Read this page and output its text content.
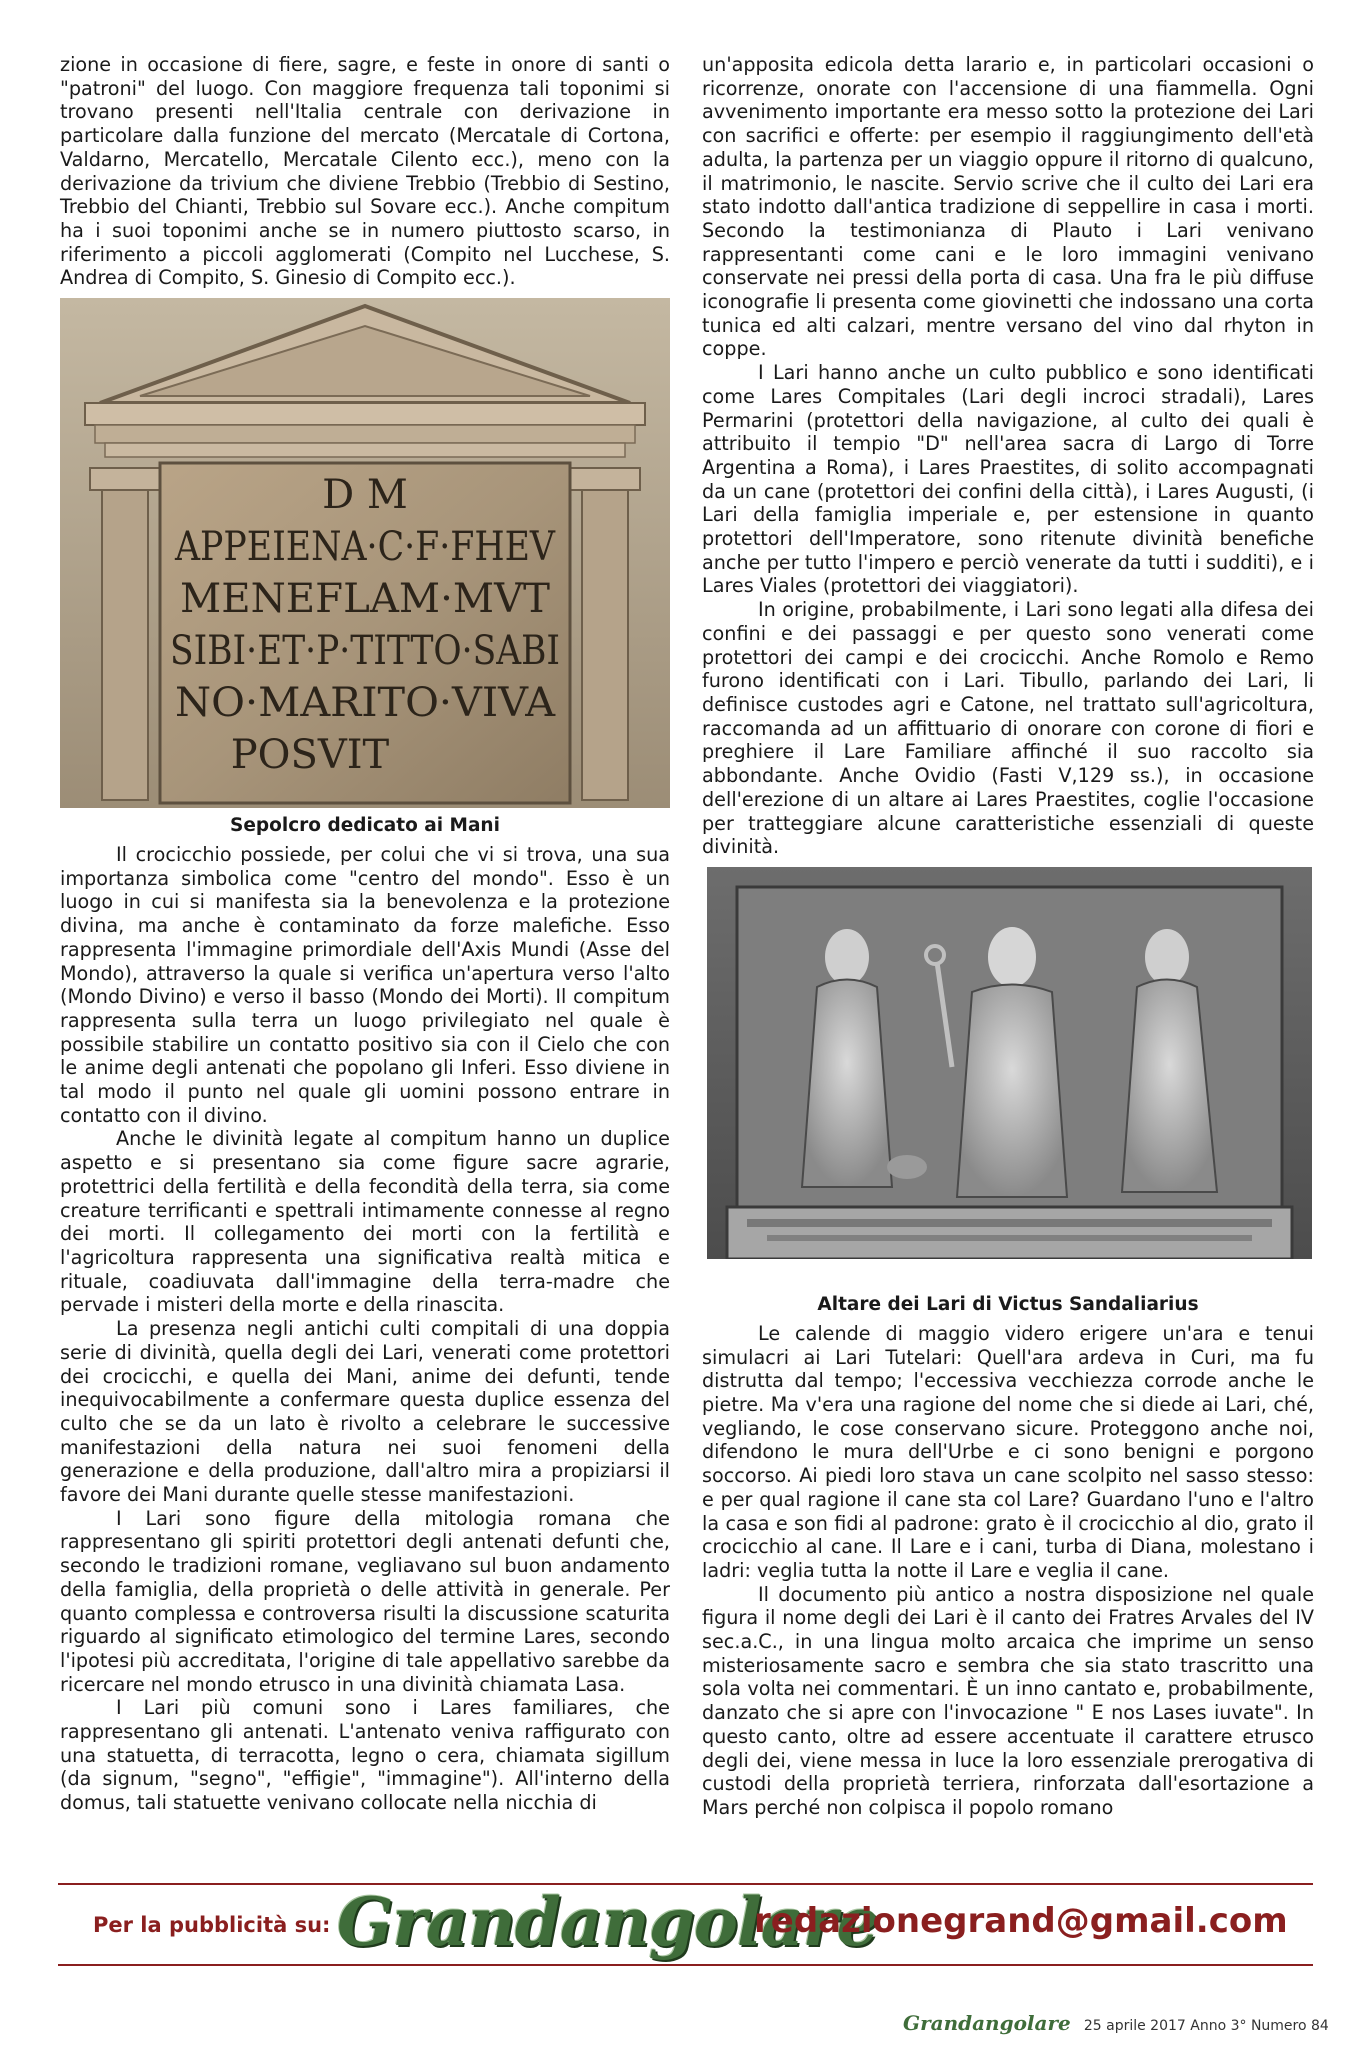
zione in occasione di fiere, sagre, e feste in onore di santi o "patroni" del luogo. Con maggiore frequenza tali toponimi si trovano presenti nell'Italia centrale con derivazione in particolare dalla funzione del mercato (Mercatale di Cortona, Valdarno, Mercatello, Mercatale Cilento ecc.), meno con la derivazione da trivium che diviene Trebbio (Trebbio di Sestino, Trebbio del Chianti, Trebbio sul Sovare ecc.). Anche compitum ha i suoi toponimi anche se in numero piuttosto scarso, in riferimento a piccoli agglomerati (Compito nel Lucchese, S. Andrea di Compito, S. Ginesio di Compito ecc.).

D M
APPEIENA·C·F·FHEV
MENEFLAM·MVT
SIBI·ET·P·TITTO·SABI
NO·MARITO·VIVA
POSVIT
Sepolcro dedicato ai Mani

Il crocicchio possiede, per colui che vi si trova, una sua importanza simbolica come "centro del mondo". Esso è un luogo in cui si manifesta sia la benevolenza e la protezione divina, ma anche è contaminato da forze malefiche. Esso rappresenta l'immagine primordiale dell'Axis Mundi (Asse del Mondo), attraverso la quale si verifica un'apertura verso l'alto (Mondo Divino) e verso il basso (Mondo dei Morti). Il compitum rappresenta sulla terra un luogo privilegiato nel quale è possibile stabilire un contatto positivo sia con il Cielo che con le anime degli antenati che popolano gli Inferi. Esso diviene in tal modo il punto nel quale gli uomini possono entrare in contatto con il divino.

Anche le divinità legate al compitum hanno un duplice aspetto e si presentano sia come figure sacre agrarie, protettrici della fertilità e della fecondità della terra, sia come creature terrificanti e spettrali intimamente connesse al regno dei morti. Il collegamento dei morti con la fertilità e l'agricoltura rappresenta una significativa realtà mitica e rituale, coadiuvata dall'immagine della terra-madre che pervade i misteri della morte e della rinascita.

La presenza negli antichi culti compitali di una doppia serie di divinità, quella degli dei Lari, venerati come protettori dei crocicchi, e quella dei Mani, anime dei defunti, tende inequivocabilmente a confermare questa duplice essenza del culto che se da un lato è rivolto a celebrare le successive manifestazioni della natura nei suoi fenomeni della generazione e della produzione, dall'altro mira a propiziarsi il favore dei Mani durante quelle stesse manifestazioni.

I Lari sono figure della mitologia romana che rappresentano gli spiriti protettori degli antenati defunti che, secondo le tradizioni romane, vegliavano sul buon andamento della famiglia, della proprietà o delle attività in generale. Per quanto complessa e controversa risulti la discussione scaturita riguardo al significato etimologico del termine Lares, secondo l'ipotesi più accreditata, l'origine di tale appellativo sarebbe da ricercare nel mondo etrusco in una divinità chiamata Lasa.

I Lari più comuni sono i Lares familiares, che rappresentano gli antenati. L'antenato veniva raffigurato con una statuetta, di terracotta, legno o cera, chiamata sigillum (da signum, "segno", "effigie", "immagine"). All'interno della domus, tali statuette venivano collocate nella nicchia di

un'apposita edicola detta larario e, in particolari occasioni o ricorrenze, onorate con l'accensione di una fiammella. Ogni avvenimento importante era messo sotto la protezione dei Lari con sacrifici e offerte: per esempio il raggiungimento dell'età adulta, la partenza per un viaggio oppure il ritorno di qualcuno, il matrimonio, le nascite. Servio scrive che il culto dei Lari era stato indotto dall'antica tradizione di seppellire in casa i morti. Secondo la testimonianza di Plauto i Lari venivano rappresentanti come cani e le loro immagini venivano conservate nei pressi della porta di casa. Una fra le più diffuse iconografie li presenta come giovinetti che indossano una corta tunica ed alti calzari, mentre versano del vino dal rhyton in coppe.

I Lari hanno anche un culto pubblico e sono identificati come Lares Compitales (Lari degli incroci stradali), Lares Permarini (protettori della navigazione, al culto dei quali è attribuito il tempio "D" nell'area sacra di Largo di Torre Argentina a Roma), i Lares Praestites, di solito accompagnati da un cane (protettori dei confini della città), i Lares Augusti, (i Lari della famiglia imperiale e, per estensione in quanto protettori dell'Imperatore, sono ritenute divinità benefiche anche per tutto l'impero e perciò venerate da tutti i sudditi), e i Lares Viales (protettori dei viaggiatori).

In origine, probabilmente, i Lari sono legati alla difesa dei confini e dei passaggi e per questo sono venerati come protettori dei campi e dei crocicchi. Anche Romolo e Remo furono identificati con i Lari. Tibullo, parlando dei Lari, li definisce custodes agri e Catone, nel trattato sull'agricoltura, raccomanda ad un affittuario di onorare con corone di fiori e preghiere il Lare Familiare affinché il suo raccolto sia abbondante. Anche Ovidio (Fasti V,129 ss.), in occasione dell'erezione di un altare ai Lares Praestites, coglie l'occasione per tratteggiare alcune caratteristiche essenziali di queste divinità.

Altare dei Lari di Victus Sandaliarius

Le calende di maggio videro erigere un'ara e tenui simulacri ai Lari Tutelari: Quell'ara ardeva in Curi, ma fu distrutta dal tempo; l'eccessiva vecchiezza corrode anche le pietre. Ma v'era una ragione del nome che si diede ai Lari, ché, vegliando, le cose conservano sicure. Proteggono anche noi, difendono le mura dell'Urbe e ci sono benigni e porgono soccorso. Ai piedi loro stava un cane scolpito nel sasso stesso: e per qual ragione il cane sta col Lare? Guardano l'uno e l'altro la casa e son fidi al padrone: grato è il crocicchio al dio, grato il crocicchio al cane. Il Lare e i cani, turba di Diana, molestano i ladri: veglia tutta la notte il Lare e veglia il cane.

Il documento più antico a nostra disposizione nel quale figura il nome degli dei Lari è il canto dei Fratres Arvales del IV sec.a.C., in una lingua molto arcaica che imprime un senso misteriosamente sacro e sembra che sia stato trascritto una sola volta nei commentari. È un inno cantato e, probabilmente, danzato che si apre con l'invocazione " E nos Lases iuvate". In questo canto, oltre ad essere accentuate il carattere etrusco degli dei, viene messa in luce la loro essenziale prerogativa di custodi della proprietà terriera, rinforzata dall'esortazione a Mars perché non colpisca il popolo romano

Per la pubblicità su: Grandangolare
redazionegrand@gmail.com
Grandangolare 25 aprile 2017 Anno 3° Numero 84
